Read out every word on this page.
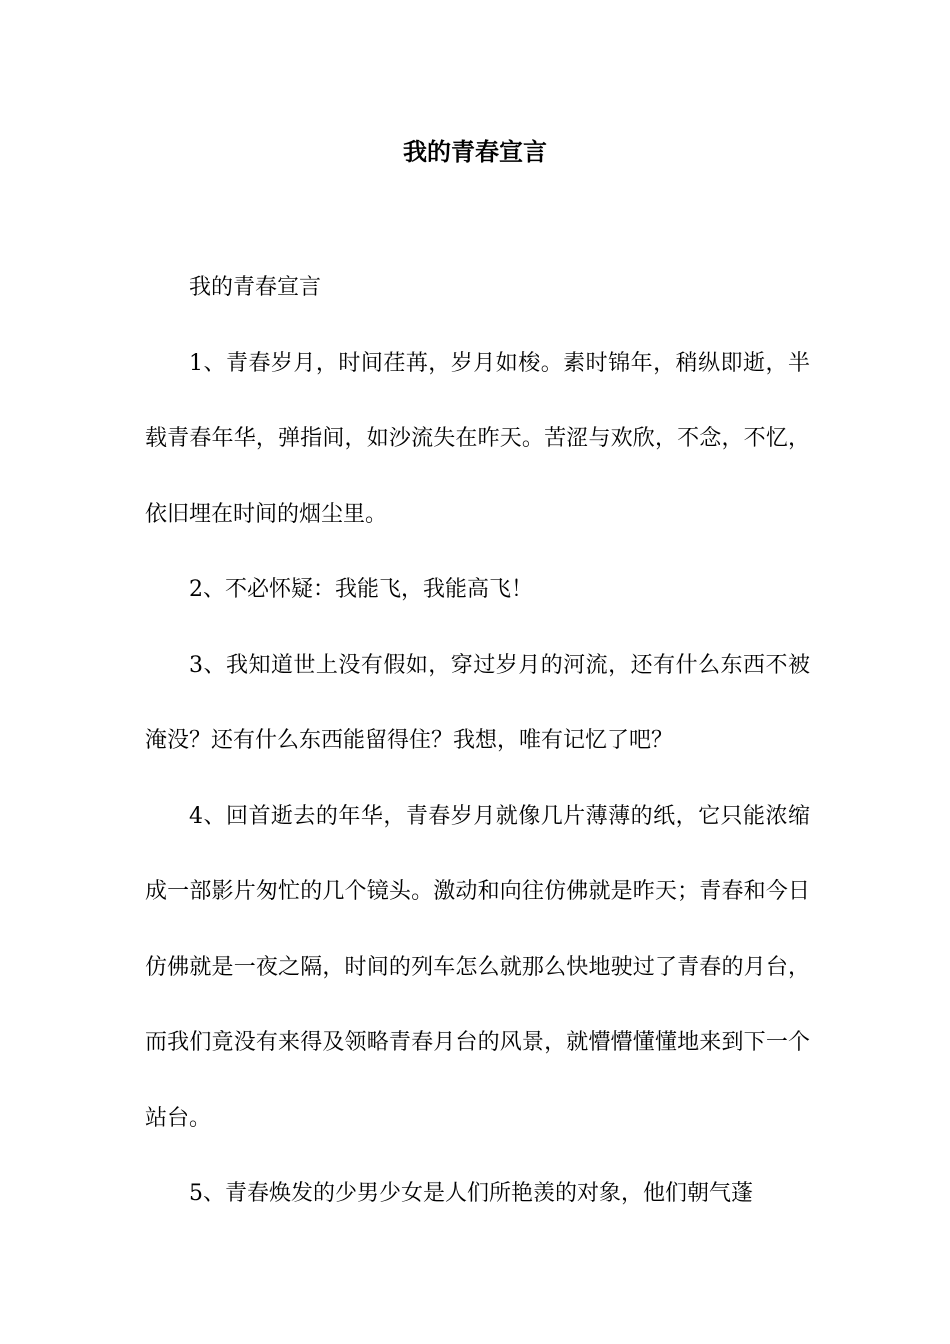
我的青春宣言

我的青春宣言

1、青春岁月，时间荏苒，岁月如梭。素时锦年，稍纵即逝，半载青春年华，弹指间，如沙流失在昨天。苦涩与欢欣，不念，不忆，依旧埋在时间的烟尘里。

2、不必怀疑：我能飞，我能高飞！

3、我知道世上没有假如，穿过岁月的河流，还有什么东西不被淹没？还有什么东西能留得住？我想，唯有记忆了吧？

4、回首逝去的年华，青春岁月就像几片薄薄的纸，它只能浓缩成一部影片匆忙的几个镜头。激动和向往仿佛就是昨天；青春和今日仿佛就是一夜之隔，时间的列车怎么就那么快地驶过了青春的月台，而我们竟没有来得及领略青春月台的风景，就懵懵懂懂地来到下一个站台。

5、青春焕发的少男少女是人们所艳羡的对象，他们朝气蓬
